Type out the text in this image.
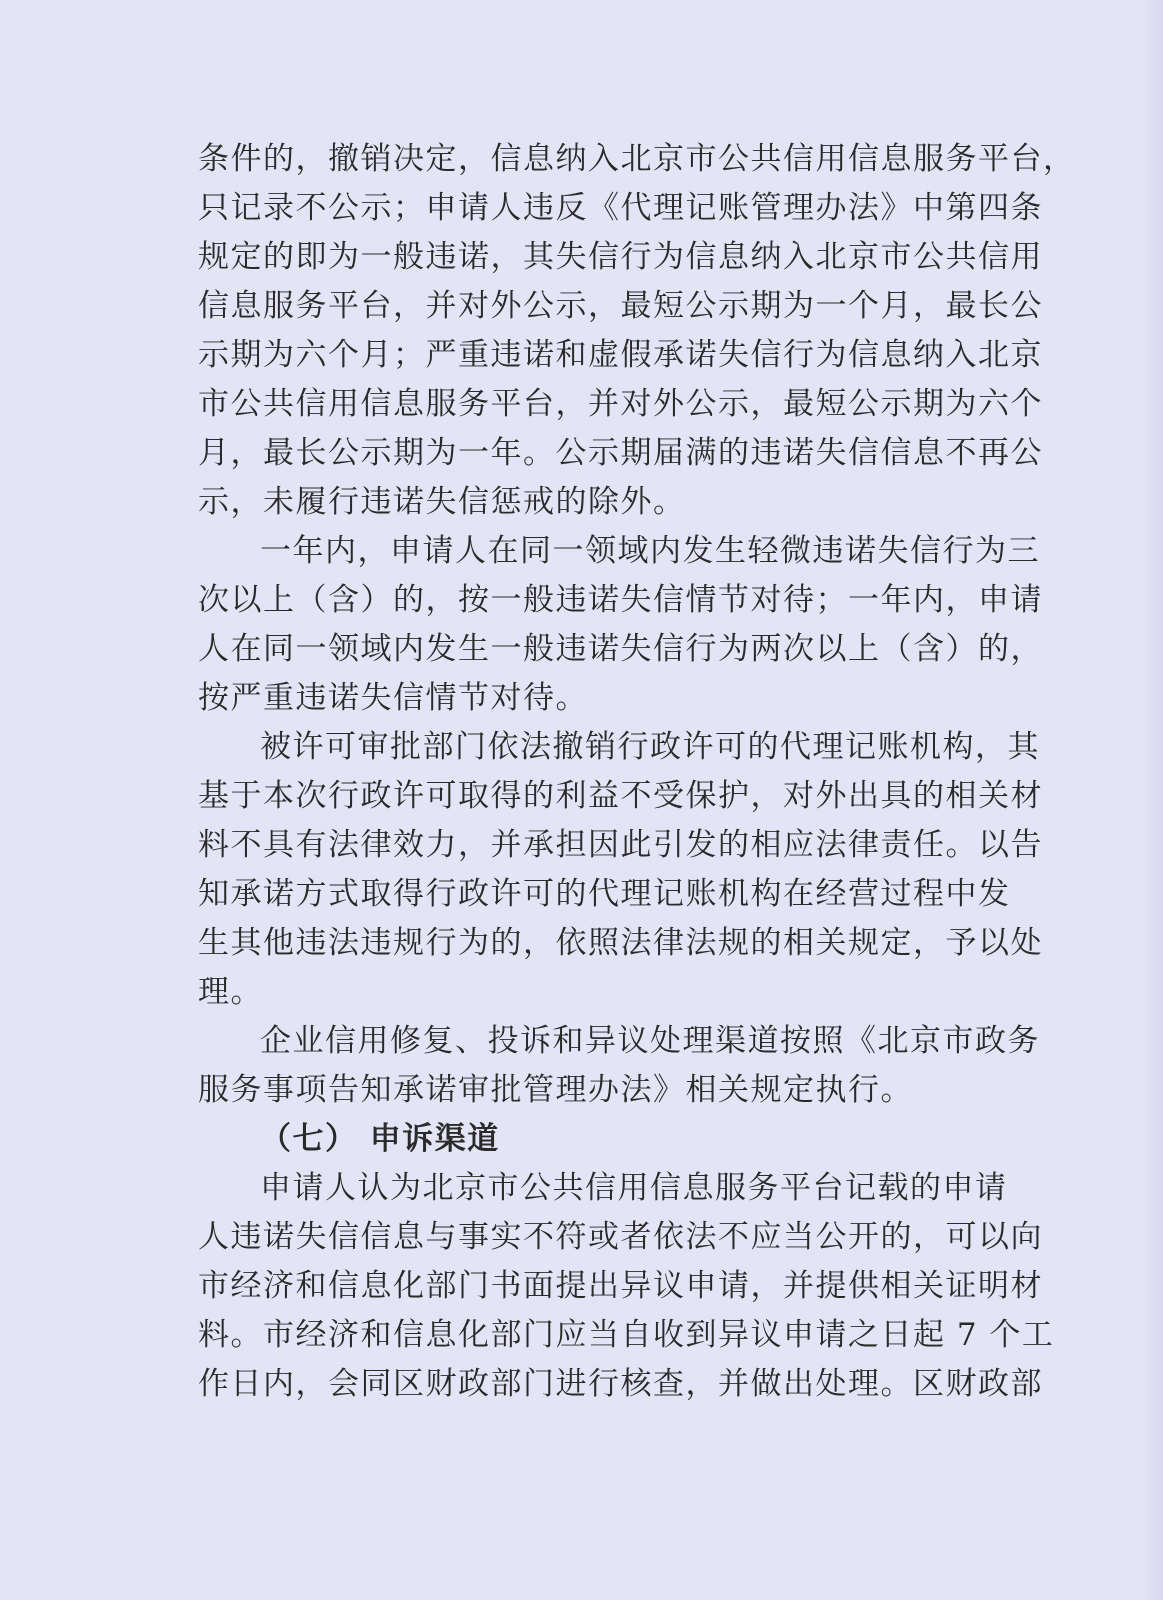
条件的，撤销决定，信息纳入北京市公共信用信息服务平台，
只记录不公示；申请人违反《代理记账管理办法》中第四条
规定的即为一般违诺，其失信行为信息纳入北京市公共信用
信息服务平台，并对外公示，最短公示期为一个月，最长公
示期为六个月；严重违诺和虚假承诺失信行为信息纳入北京
市公共信用信息服务平台，并对外公示，最短公示期为六个
月，最长公示期为一年。公示期届满的违诺失信信息不再公
示，未履行违诺失信惩戒的除外。
一年内，申请人在同一领域内发生轻微违诺失信行为三
次以上（含）的，按一般违诺失信情节对待；一年内，申请
人在同一领域内发生一般违诺失信行为两次以上（含）的，
按严重违诺失信情节对待。
被许可审批部门依法撤销行政许可的代理记账机构，其
基于本次行政许可取得的利益不受保护，对外出具的相关材
料不具有法律效力，并承担因此引发的相应法律责任。以告
知承诺方式取得行政许可的代理记账机构在经营过程中发
生其他违法违规行为的，依照法律法规的相关规定，予以处
理。
企业信用修复、投诉和异议处理渠道按照《北京市政务
服务事项告知承诺审批管理办法》相关规定执行。
（七） 申诉渠道
申请人认为北京市公共信用信息服务平台记载的申请
人违诺失信信息与事实不符或者依法不应当公开的，可以向
市经济和信息化部门书面提出异议申请，并提供相关证明材
料。市经济和信息化部门应当自收到异议申请之日起 7 个工
作日内，会同区财政部门进行核查，并做出处理。区财政部
